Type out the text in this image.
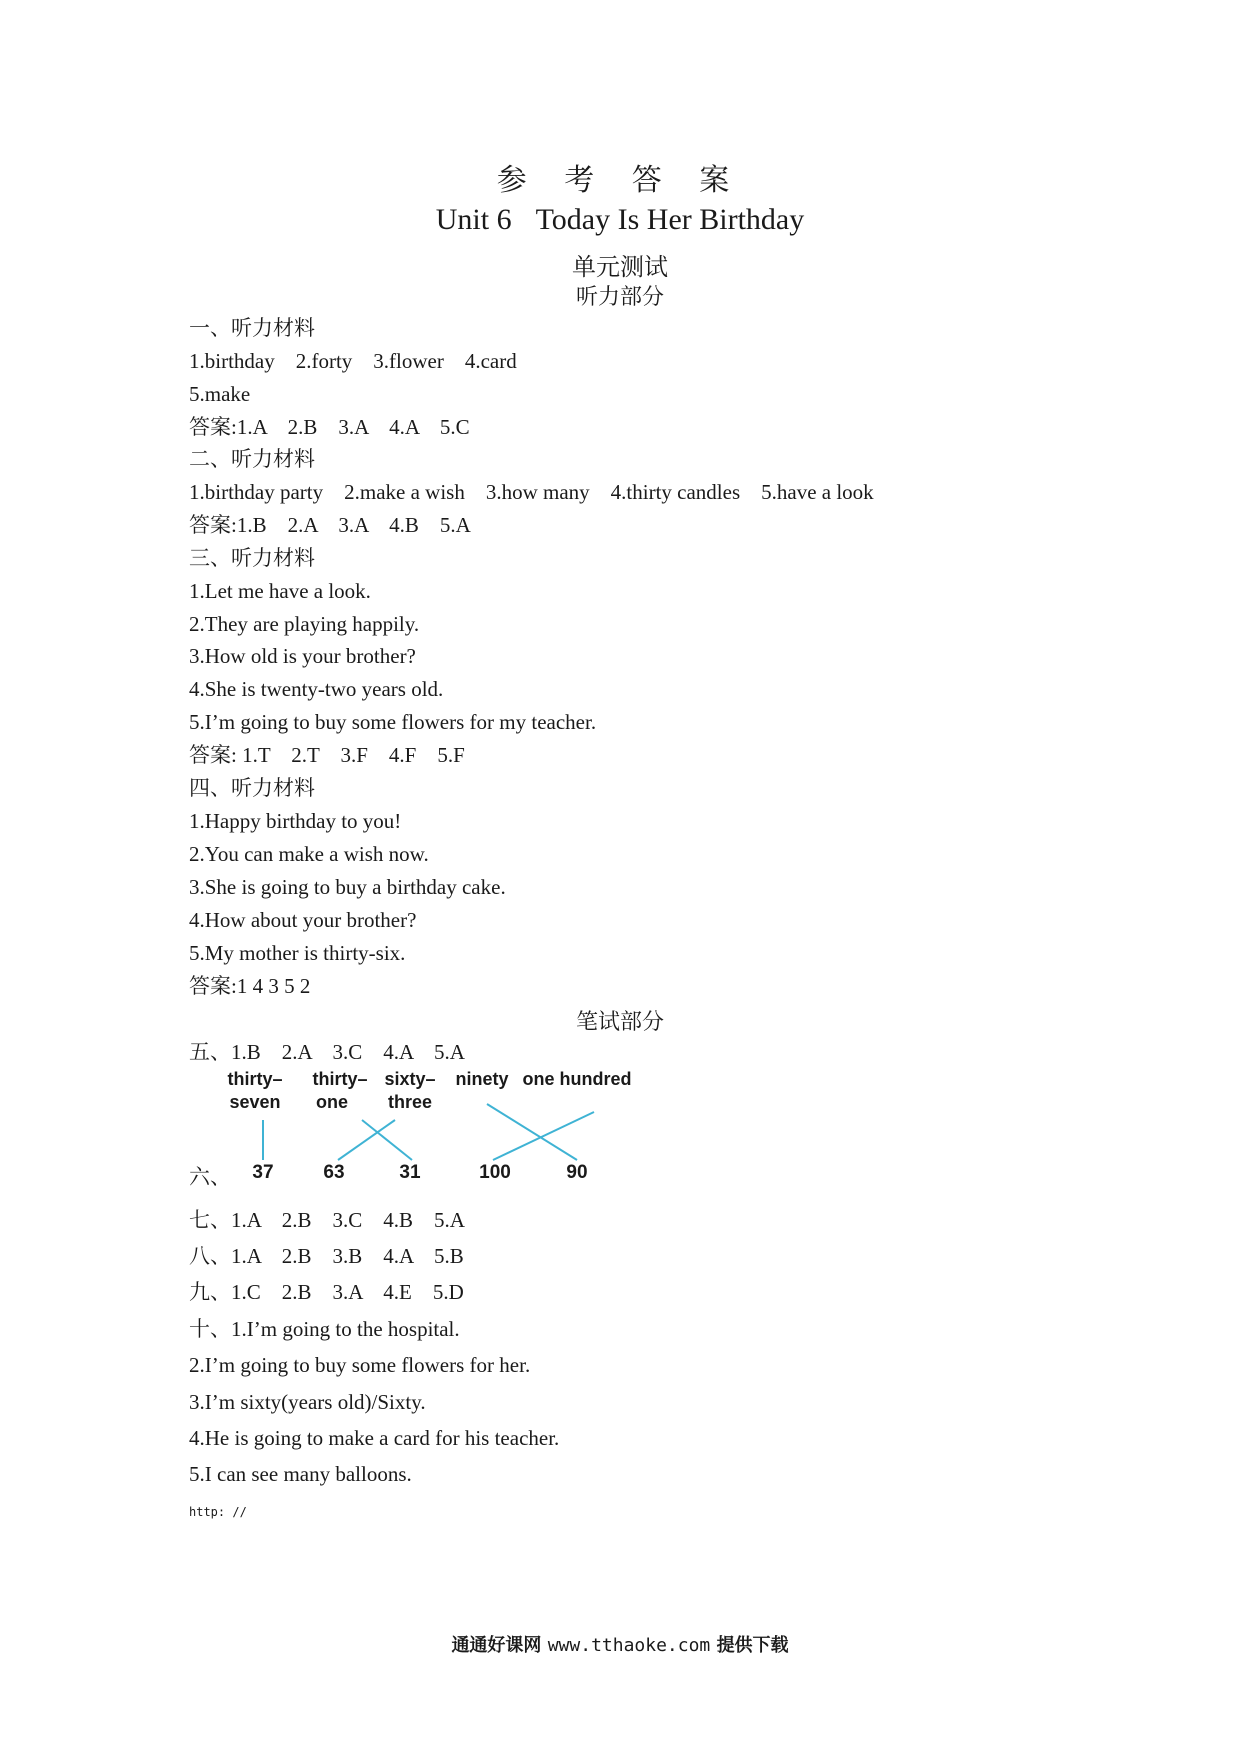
参 考 答 案
Unit 6 Today Is Her Birthday
单元测试
听力部分
一、听力材料
1.birthday    2.forty    3.flower    4.card
5.make
答案:1.A    2.B    3.A    4.A    5.C
二、听力材料
1.birthday party    2.make a wish    3.how many    4.thirty candles    5.have a look
答案:1.B    2.A    3.A    4.B    5.A
三、听力材料
1.Let me have a look.
2.They are playing happily.
3.How old is your brother?
4.She is twenty-two years old.
5.I’m going to buy some flowers for my teacher.
答案: 1.T    2.T    3.F    4.F    5.F
四、听力材料
1.Happy birthday to you!
2.You can make a wish now.
3.She is going to buy a birthday cake.
4.How about your brother?
5.My mother is thirty-six.
答案:1 4 3 5 2
笔试部分
五、1.B    2.A    3.C    4.A    5.A
thirty–
seven
thirty–
one
sixty–
three
ninety one hundred
37	63	31	100	90
六、
七、1.A    2.B    3.C    4.B    5.A
八、1.A    2.B    3.B    4.A    5.B
九、1.C    2.B    3.A    4.E    5.D
十、1.I’m going to the hospital.
2.I’m going to buy some flowers for her.
3.I’m sixty(years old)/Sixty.
4.He is going to make a card for his teacher.
5.I can see many balloons.
http: //
通通好课网 www.tthaoke.com 提供下载
